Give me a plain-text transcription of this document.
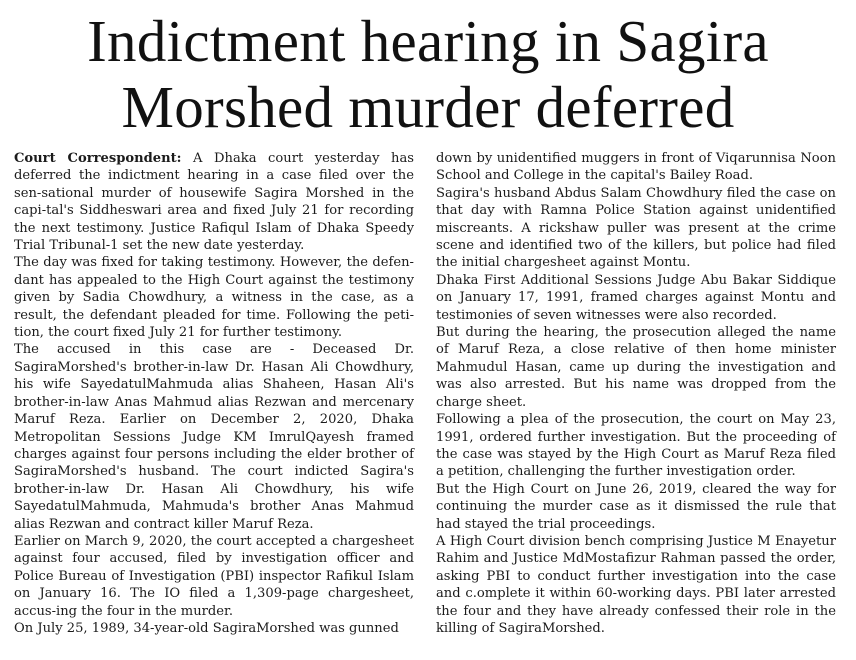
Indictment hearing in Sagira
Morshed murder deferred

Court Correspondent: A Dhaka court yesterday has deferred the indictment hearing in a case filed over the sen-sational murder of housewife Sagira Morshed in the capi-tal's Siddheswari area and fixed July 21 for recording the next testimony. Justice Rafiqul Islam of Dhaka Speedy Trial Tribunal-1 set the new date yesterday.

The day was fixed for taking testimony. However, the defen-dant has appealed to the High Court against the testimony given by Sadia Chowdhury, a witness in the case, as a result, the defendant pleaded for time. Following the peti-tion, the court fixed July 21 for further testimony.

The accused in this case are - Deceased Dr. SagiraMorshed's brother-in-law Dr. Hasan Ali Chowdhury, his wife SayedatulMahmuda alias Shaheen, Hasan Ali's brother-in-law Anas Mahmud alias Rezwan and mercenary Maruf Reza. Earlier on December 2, 2020, Dhaka Metropolitan Sessions Judge KM ImrulQayesh framed charges against four persons including the elder brother of SagiraMorshed's husband. The court indicted Sagira's brother-in-law Dr. Hasan Ali Chowdhury, his wife SayedatulMahmuda, Mahmuda's brother Anas Mahmud alias Rezwan and contract killer Maruf Reza.

Earlier on March 9, 2020, the court accepted a chargesheet against four accused, filed by investigation officer and Police Bureau of Investigation (PBI) inspector Rafikul Islam on January 16. The IO filed a 1,309-page chargesheet, accus-ing the four in the murder.

On July 25, 1989, 34-year-old SagiraMorshed was gunned

down by unidentified muggers in front of Viqarunnisa Noon School and College in the capital's Bailey Road.

Sagira's husband Abdus Salam Chowdhury filed the case on that day with Ramna Police Station against unidentified miscreants. A rickshaw puller was present at the crime scene and identified two of the killers, but police had filed the initial chargesheet against Montu.

Dhaka First Additional Sessions Judge Abu Bakar Siddique on January 17, 1991, framed charges against Montu and testimonies of seven witnesses were also recorded.

But during the hearing, the prosecution alleged the name of Maruf Reza, a close relative of then home minister Mahmudul Hasan, came up during the investigation and was also arrested. But his name was dropped from the charge sheet.

Following a plea of the prosecution, the court on May 23, 1991, ordered further investigation. But the proceeding of the case was stayed by the High Court as Maruf Reza filed a petition, challenging the further investigation order.

But the High Court on June 26, 2019, cleared the way for continuing the murder case as it dismissed the rule that had stayed the trial proceedings.

A High Court division bench comprising Justice M Enayetur Rahim and Justice MdMostafizur Rahman passed the order, asking PBI to conduct further investigation into the case and c.omplete it within 60-working days. PBI later arrested the four and they have already confessed their role in the killing of SagiraMorshed.
